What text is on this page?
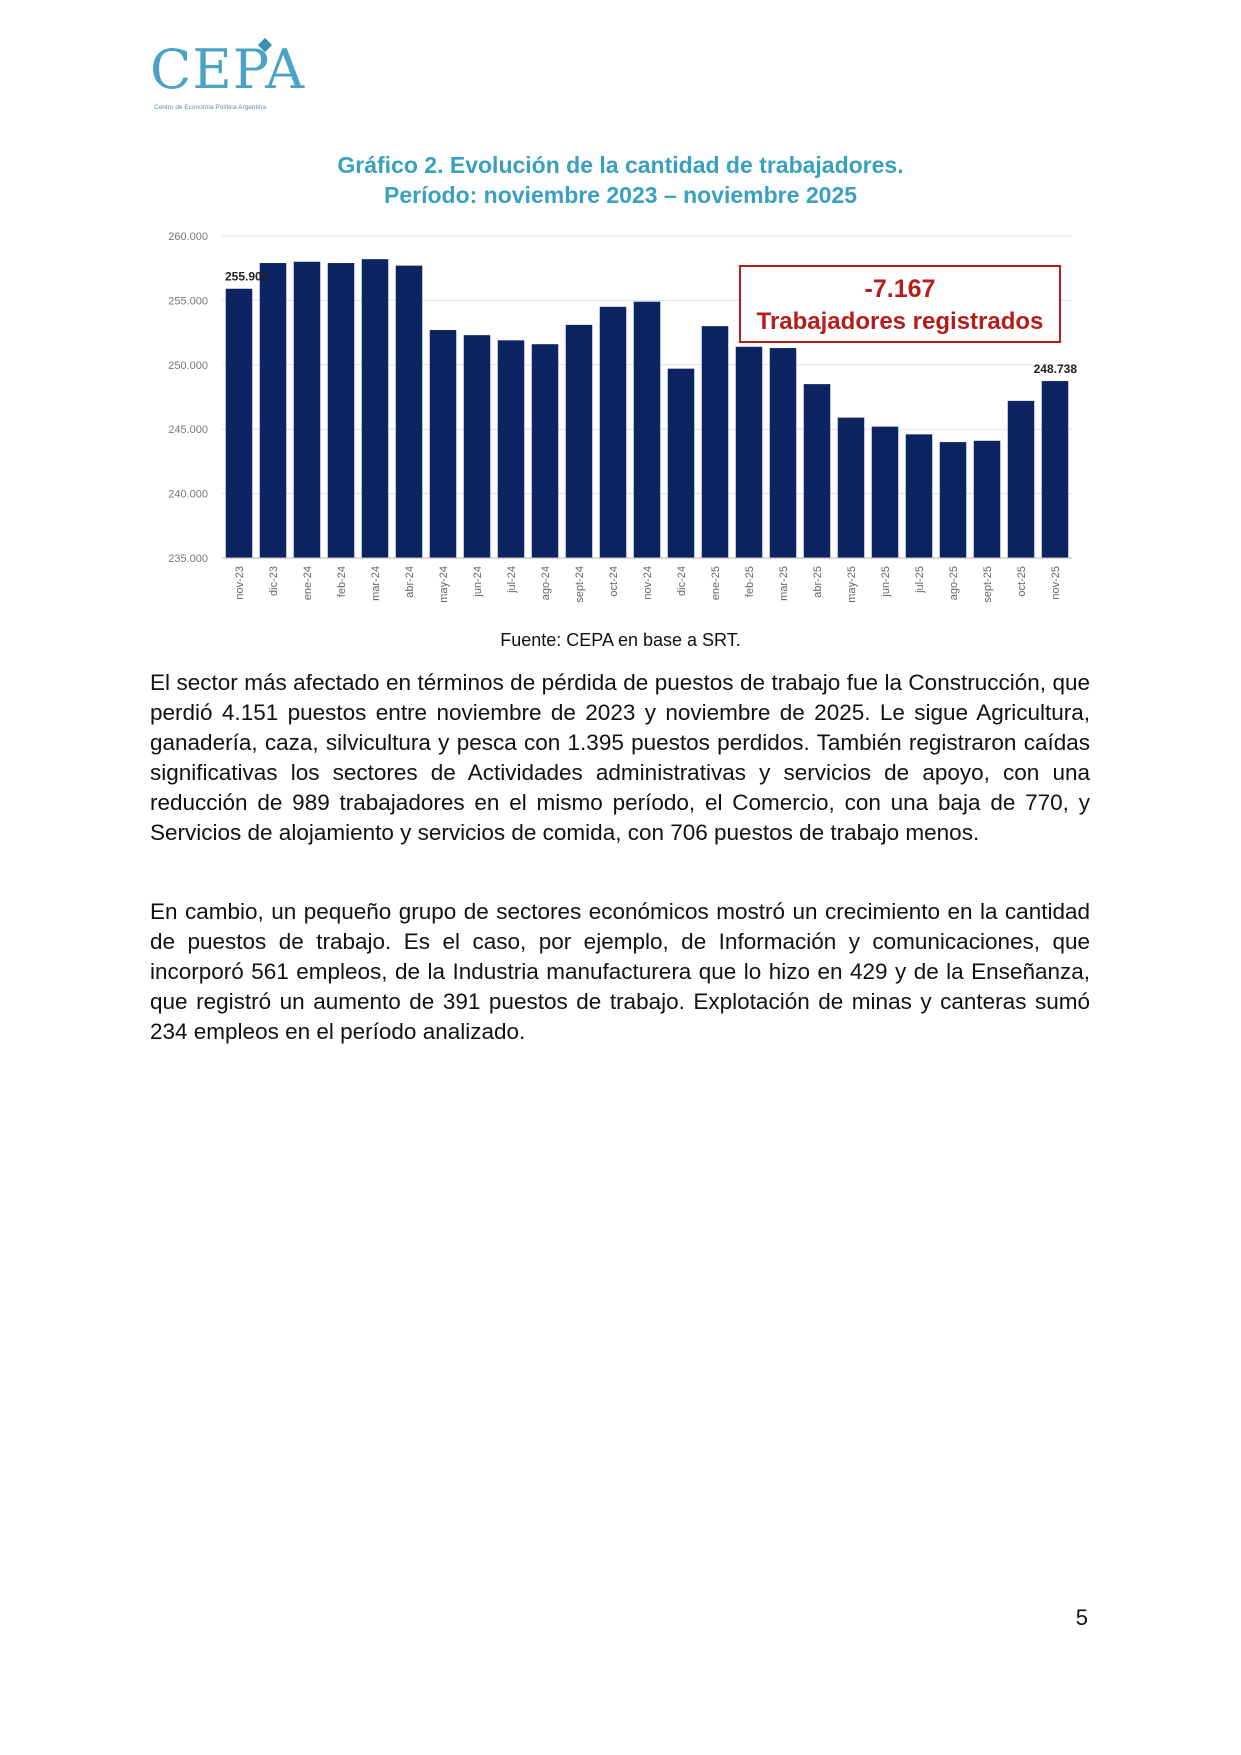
CEPA
Centro de Economía Política Argentina
Gráfico 2. Evolución de la cantidad de trabajadores.
Período: noviembre 2023 – noviembre 2025
235.000
240.000
245.000
250.000
255.000
260.000
nov-23 dic-23 ene-24 feb-24 mar-24 abr-24 may-24 jun-24 jul-24 ago-24 sept-24 oct-24 nov-24 dic-24 ene-25 feb-25 mar-25 abr-25 may-25 jun-25 jul-25 ago-25 sept-25 oct-25 nov-25
255.905
248.738
-7.167
Trabajadores registrados
Fuente: CEPA en base a SRT.

El sector más afectado en términos de pérdida de puestos de trabajo fue la Construcción, que perdió 4.151 puestos entre noviembre de 2023 y noviembre de 2025. Le sigue Agricultura, ganadería, caza, silvicultura y pesca con 1.395 puestos perdidos. También registraron caídas significativas los sectores de Actividades administrativas y servicios de apoyo, con una reducción de 989 trabajadores en el mismo período, el Comercio, con una baja de 770, y Servicios de alojamiento y servicios de comida, con 706 puestos de trabajo menos.

En cambio, un pequeño grupo de sectores económicos mostró un crecimiento en la cantidad de puestos de trabajo. Es el caso, por ejemplo, de Información y comunicaciones, que incorporó 561 empleos, de la Industria manufacturera que lo hizo en 429 y de la Enseñanza, que registró un aumento de 391 puestos de trabajo. Explotación de minas y canteras sumó 234 empleos en el período analizado.

5
